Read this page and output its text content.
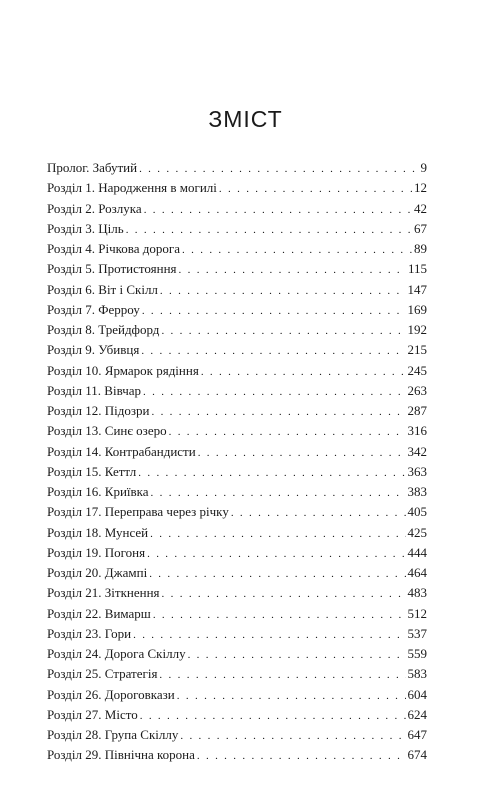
ЗМІСТ
Пролог. Забутий . . .	9
Розділ 1. Народження в могилі . . .	12
Розділ 2. Розлука . . .	42
Розділ 3. Ціль . . .	67
Розділ 4. Річкова дорога . . .	89
Розділ 5. Протистояння . . .	115
Розділ 6. Віт і Скілл . . .	147
Розділ 7. Ферроу . . .	169
Розділ 8. Трейдфорд . . .	192
Розділ 9. Убивця . . .	215
Розділ 10. Ярмарок рядіння . . .	245
Розділ 11. Вівчар . . .	263
Розділ 12. Підозри . . .	287
Розділ 13. Синє озеро . . .	316
Розділ 14. Контрабандисти . . .	342
Розділ 15. Кеттл . . .	363
Розділ 16. Криївка . . .	383
Розділ 17. Переправа через річку . . .	405
Розділ 18. Мунсей . . .	425
Розділ 19. Погоня . . .	444
Розділ 20. Джампі . . .	464
Розділ 21. Зіткнення . . .	483
Розділ 22. Вимарш . . .	512
Розділ 23. Гори . . .	537
Розділ 24. Дорога Скіллу . . .	559
Розділ 25. Стратегія . . .	583
Розділ 26. Дороговкази . . .	604
Розділ 27. Місто . . .	624
Розділ 28. Група Скіллу . . .	647
Розділ 29. Північна корона . . .	674
